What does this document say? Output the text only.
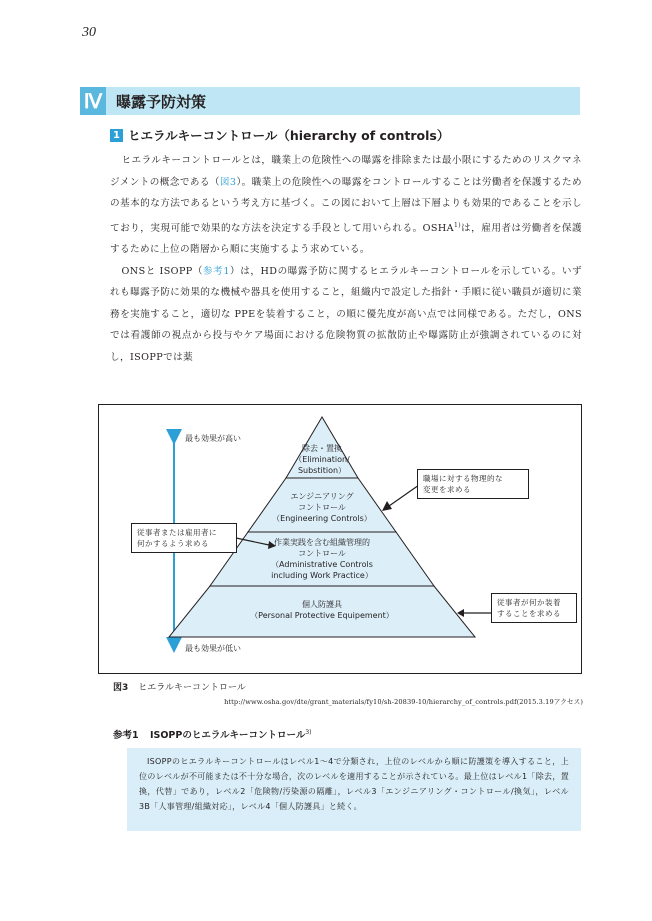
30
Ⅳ 曝露予防対策
1 ヒエラルキーコントロール（hierarchy of controls）

ヒエラルキーコントロールとは，職業上の危険性への曝露を排除または最小限にするためのリスクマネジメントの概念である（図3）。職業上の危険性への曝露をコントロールすることは労働者を保護するための基本的な方法であるという考え方に基づく。この図において上層は下層よりも効果的であることを示しており，実現可能で効果的な方法を決定する手段として用いられる。OSHA$^{1)}$は，雇用者は労働者を保護するために上位の階層から順に実施するよう求めている。

ONSと ISOPP（参考1）は，HDの曝露予防に関するヒエラルキーコントロールを示している。いずれも曝露予防に効果的な機械や器具を使用すること，組織内で設定した指針・手順に従い職員が適切に業務を実施すること，適切な PPEを装着すること，の順に優先度が高い点では同様である。ただし，ONSでは看護師の視点から投与やケア場面における危険物質の拡散防止や曝露防止が強調されているのに対し，ISOPPでは薬

最も効果が高い
最も効果が低い
除去・置換
（Elimination/
Substition）
エンジニアリング
コントロール
（Engineering Controls）
作業実践を含む組織管理的
コントロール
（Administrative Controls
including Work Practice）
個人防護具
（Personal Protective Equipement）
職場に対する物理的な
変更を求める
従事者または雇用者に
何かするよう求める
従事者が何か装着
することを求める
図3 ヒエラルキーコントロール
http://www.osha.gov/dte/grant_materials/fy10/sh-20839-10/hierarchy_of_controls.pdf(2015.3.19アクセス)
参考1 ISOPPのヒエラルキーコントロール$^{3)}$

ISOPPのヒエラルキーコントロールはレベル1～4で分類され，上位のレベルから順に防護策を導入すること，上位のレベルが不可能または不十分な場合，次のレベルを適用することが示されている。最上位はレベル1「除去，置換，代替」であり，レベル2「危険物/汚染源の隔離」，レベル3「エンジニアリング・コントロール/換気」，レベル3B「人事管理/組織対応」，レベル4「個人防護具」と続く。
